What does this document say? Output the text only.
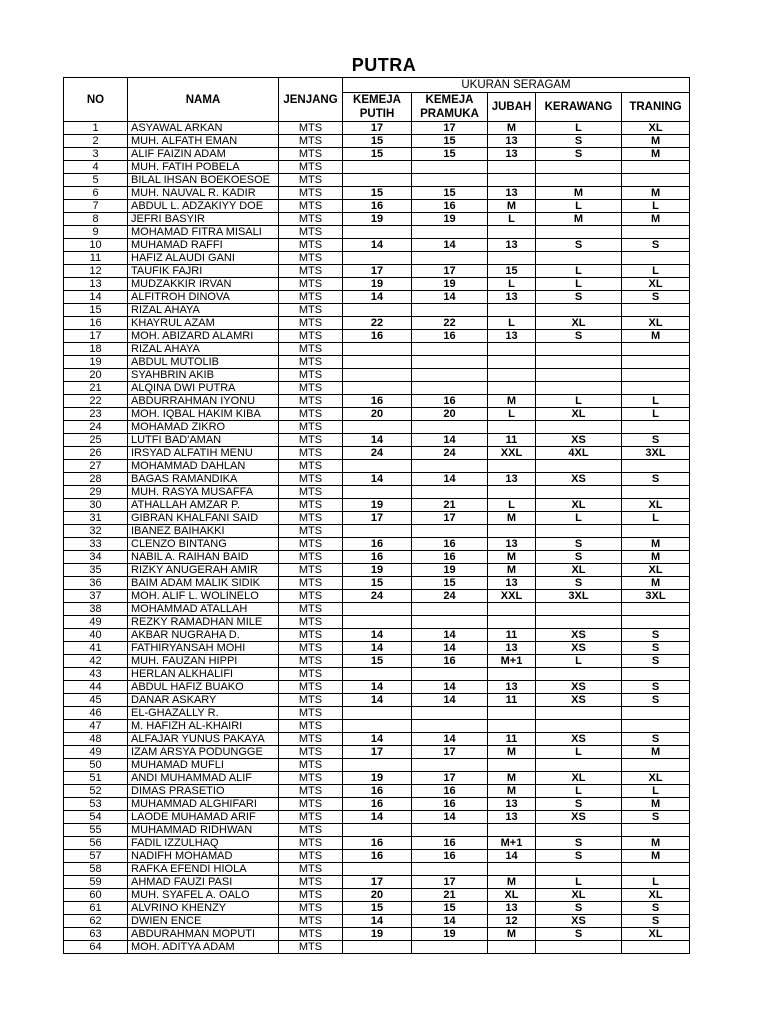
PUTRA
NO	NAMA	JENJANG	UKURAN SERAGAM				
			KEMEJA PUTIH	KEMEJA PRAMUKA	JUBAH	KERAWANG	TRANING
1	ASYAWAL ARKAN	MTS	17	17	M	L	XL
2	MUH. ALFATH EMAN	MTS	15	15	13	S	M
3	ALIF FAIZIN ADAM	MTS	15	15	13	S	M
4	MUH. FATIH POBELA	MTS					
5	BILAL IHSAN BOEKOESOE	MTS					
6	MUH. NAUVAL R. KADIR	MTS	15	15	13	M	M
7	ABDUL L. ADZAKIYY DOE	MTS	16	16	M	L	L
8	JEFRI BASYIR	MTS	19	19	L	M	M
9	MOHAMAD FITRA MISALI	MTS					
10	MUHAMAD RAFFI	MTS	14	14	13	S	S
11	HAFIZ ALAUDI GANI	MTS					
12	TAUFIK FAJRI	MTS	17	17	15	L	L
13	MUDZAKKIR IRVAN	MTS	19	19	L	L	XL
14	ALFITROH DINOVA	MTS	14	14	13	S	S
15	RIZAL AHAYA	MTS					
16	KHAYRUL AZAM	MTS	22	22	L	XL	XL
17	MOH. ABIZARD ALAMRI	MTS	16	16	13	S	M
18	RIZAL AHAYA	MTS					
19	ABDUL MUTOLIB	MTS					
20	SYAHBRIN AKIB	MTS					
21	ALQINA DWI PUTRA	MTS					
22	ABDURRAHMAN IYONU	MTS	16	16	M	L	L
23	MOH. IQBAL HAKIM KIBA	MTS	20	20	L	XL	L
24	MOHAMAD ZIKRO	MTS					
25	LUTFI BAD'AMAN	MTS	14	14	11	XS	S
26	IRSYAD ALFATIH MENU	MTS	24	24	XXL	4XL	3XL
27	MOHAMMAD DAHLAN	MTS					
28	BAGAS RAMANDIKA	MTS	14	14	13	XS	S
29	MUH. RASYA MUSAFFA	MTS					
30	ATHALLAH AMZAR P.	MTS	19	21	L	XL	XL
31	GIBRAN KHALFANI SAID	MTS	17	17	M	L	L
32	IBANEZ BAIHAKKI	MTS					
33	CLENZO BINTANG	MTS	16	16	13	S	M
34	NABIL A. RAIHAN BAID	MTS	16	16	M	S	M
35	RIZKY ANUGERAH AMIR	MTS	19	19	M	XL	XL
36	BAIM ADAM MALIK SIDIK	MTS	15	15	13	S	M
37	MOH. ALIF L. WOLINELO	MTS	24	24	XXL	3XL	3XL
38	MOHAMMAD ATALLAH	MTS					
49	REZKY RAMADHAN MILE	MTS					
40	AKBAR NUGRAHA D.	MTS	14	14	11	XS	S
41	FATHIRYANSAH MOHI	MTS	14	14	13	XS	S
42	MUH. FAUZAN HIPPI	MTS	15	16	M+1	L	S
43	HERLAN ALKHALIFI	MTS					
44	ABDUL HAFIZ BUAKO	MTS	14	14	13	XS	S
45	DANAR ASKARY	MTS	14	14	11	XS	S
46	EL-GHAZALLY R.	MTS					
47	M. HAFIZH AL-KHAIRI	MTS					
48	ALFAJAR YUNUS PAKAYA	MTS	14	14	11	XS	S
49	IZAM ARSYA PODUNGGE	MTS	17	17	M	L	M
50	MUHAMAD MUFLI	MTS					
51	ANDI MUHAMMAD ALIF	MTS	19	17	M	XL	XL
52	DIMAS PRASETIO	MTS	16	16	M	L	L
53	MUHAMMAD ALGHIFARI	MTS	16	16	13	S	M
54	LAODE MUHAMAD ARIF	MTS	14	14	13	XS	S
55	MUHAMMAD RIDHWAN	MTS					
56	FADIL IZZULHAQ	MTS	16	16	M+1	S	M
57	NADIFH MOHAMAD	MTS	16	16	14	S	M
58	RAFKA EFENDI HIOLA	MTS					
59	AHMAD FAUZI PASI	MTS	17	17	M	L	L
60	MUH. SYAFEL A. OALO	MTS	20	21	XL	XL	XL
61	ALVRINO KHENZY	MTS	15	15	13	S	S
62	DWIEN ENCE	MTS	14	14	12	XS	S
63	ABDURAHMAN MOPUTI	MTS	19	19	M	S	XL
64	MOH. ADITYA ADAM	MTS					
